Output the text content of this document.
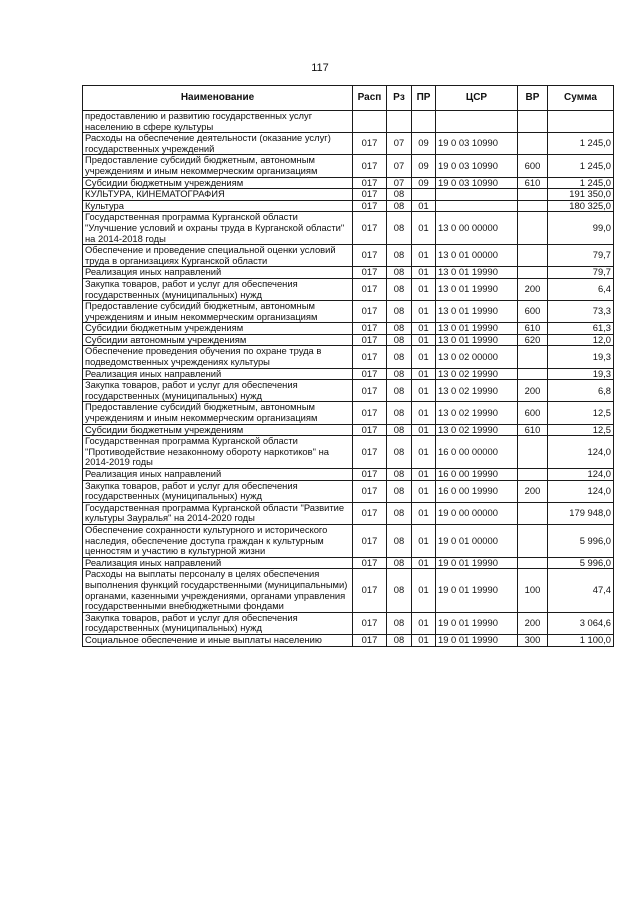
117
Наименование	Расп	Рз	ПР	ЦСР	ВР	Сумма
предоставлению и развитию государственных услуг населению в сфере культуры						
Расходы на обеспечение деятельности (оказание услуг) государственных учреждений	017	07	09	19 0 03 10990		1 245,0
Предоставление субсидий бюджетным, автономным учреждениям и иным некоммерческим организациям	017	07	09	19 0 03 10990	600	1 245,0
Субсидии бюджетным учреждениям	017	07	09	19 0 03 10990	610	1 245,0
КУЛЬТУРА, КИНЕМАТОГРАФИЯ	017	08				191 350,0
Культура	017	08	01			180 325,0
Государственная программа Курганской области "Улучшение условий и охраны труда в Курганской области" на 2014-2018 годы	017	08	01	13 0 00 00000		99,0
Обеспечение и проведение специальной оценки условий труда в организациях Курганской области	017	08	01	13 0 01 00000		79,7
Реализация иных направлений	017	08	01	13 0 01 19990		79,7
Закупка товаров, работ и услуг для обеспечения государственных (муниципальных) нужд	017	08	01	13 0 01 19990	200	6,4
Предоставление субсидий бюджетным, автономным учреждениям и иным некоммерческим организациям	017	08	01	13 0 01 19990	600	73,3
Субсидии бюджетным учреждениям	017	08	01	13 0 01 19990	610	61,3
Субсидии автономным учреждениям	017	08	01	13 0 01 19990	620	12,0
Обеспечение проведения обучения по охране труда в подведомственных учреждениях культуры	017	08	01	13 0 02 00000		19,3
Реализация иных направлений	017	08	01	13 0 02 19990		19,3
Закупка товаров, работ и услуг для обеспечения государственных (муниципальных) нужд	017	08	01	13 0 02 19990	200	6,8
Предоставление субсидий бюджетным, автономным учреждениям и иным некоммерческим организациям	017	08	01	13 0 02 19990	600	12,5
Субсидии бюджетным учреждениям	017	08	01	13 0 02 19990	610	12,5
Государственная программа Курганской области "Противодействие незаконному обороту наркотиков" на 2014-2019 годы	017	08	01	16 0 00 00000		124,0
Реализация иных направлений	017	08	01	16 0 00 19990		124,0
Закупка товаров, работ и услуг для обеспечения государственных (муниципальных) нужд	017	08	01	16 0 00 19990	200	124,0
Государственная программа Курганской области "Развитие культуры Зауралья" на 2014-2020 годы	017	08	01	19 0 00 00000		179 948,0
Обеспечение сохранности культурного и исторического наследия, обеспечение доступа граждан к культурным ценностям и участию в культурной жизни	017	08	01	19 0 01 00000		5 996,0
Реализация иных направлений	017	08	01	19 0 01 19990		5 996,0
Расходы на выплаты персоналу в целях обеспечения выполнения функций государственными (муниципальными) органами, казенными учреждениями, органами управления государственными внебюджетными фондами	017	08	01	19 0 01 19990	100	47,4
Закупка товаров, работ и услуг для обеспечения государственных (муниципальных) нужд	017	08	01	19 0 01 19990	200	3 064,6
Социальное обеспечение и иные выплаты населению	017	08	01	19 0 01 19990	300	1 100,0
